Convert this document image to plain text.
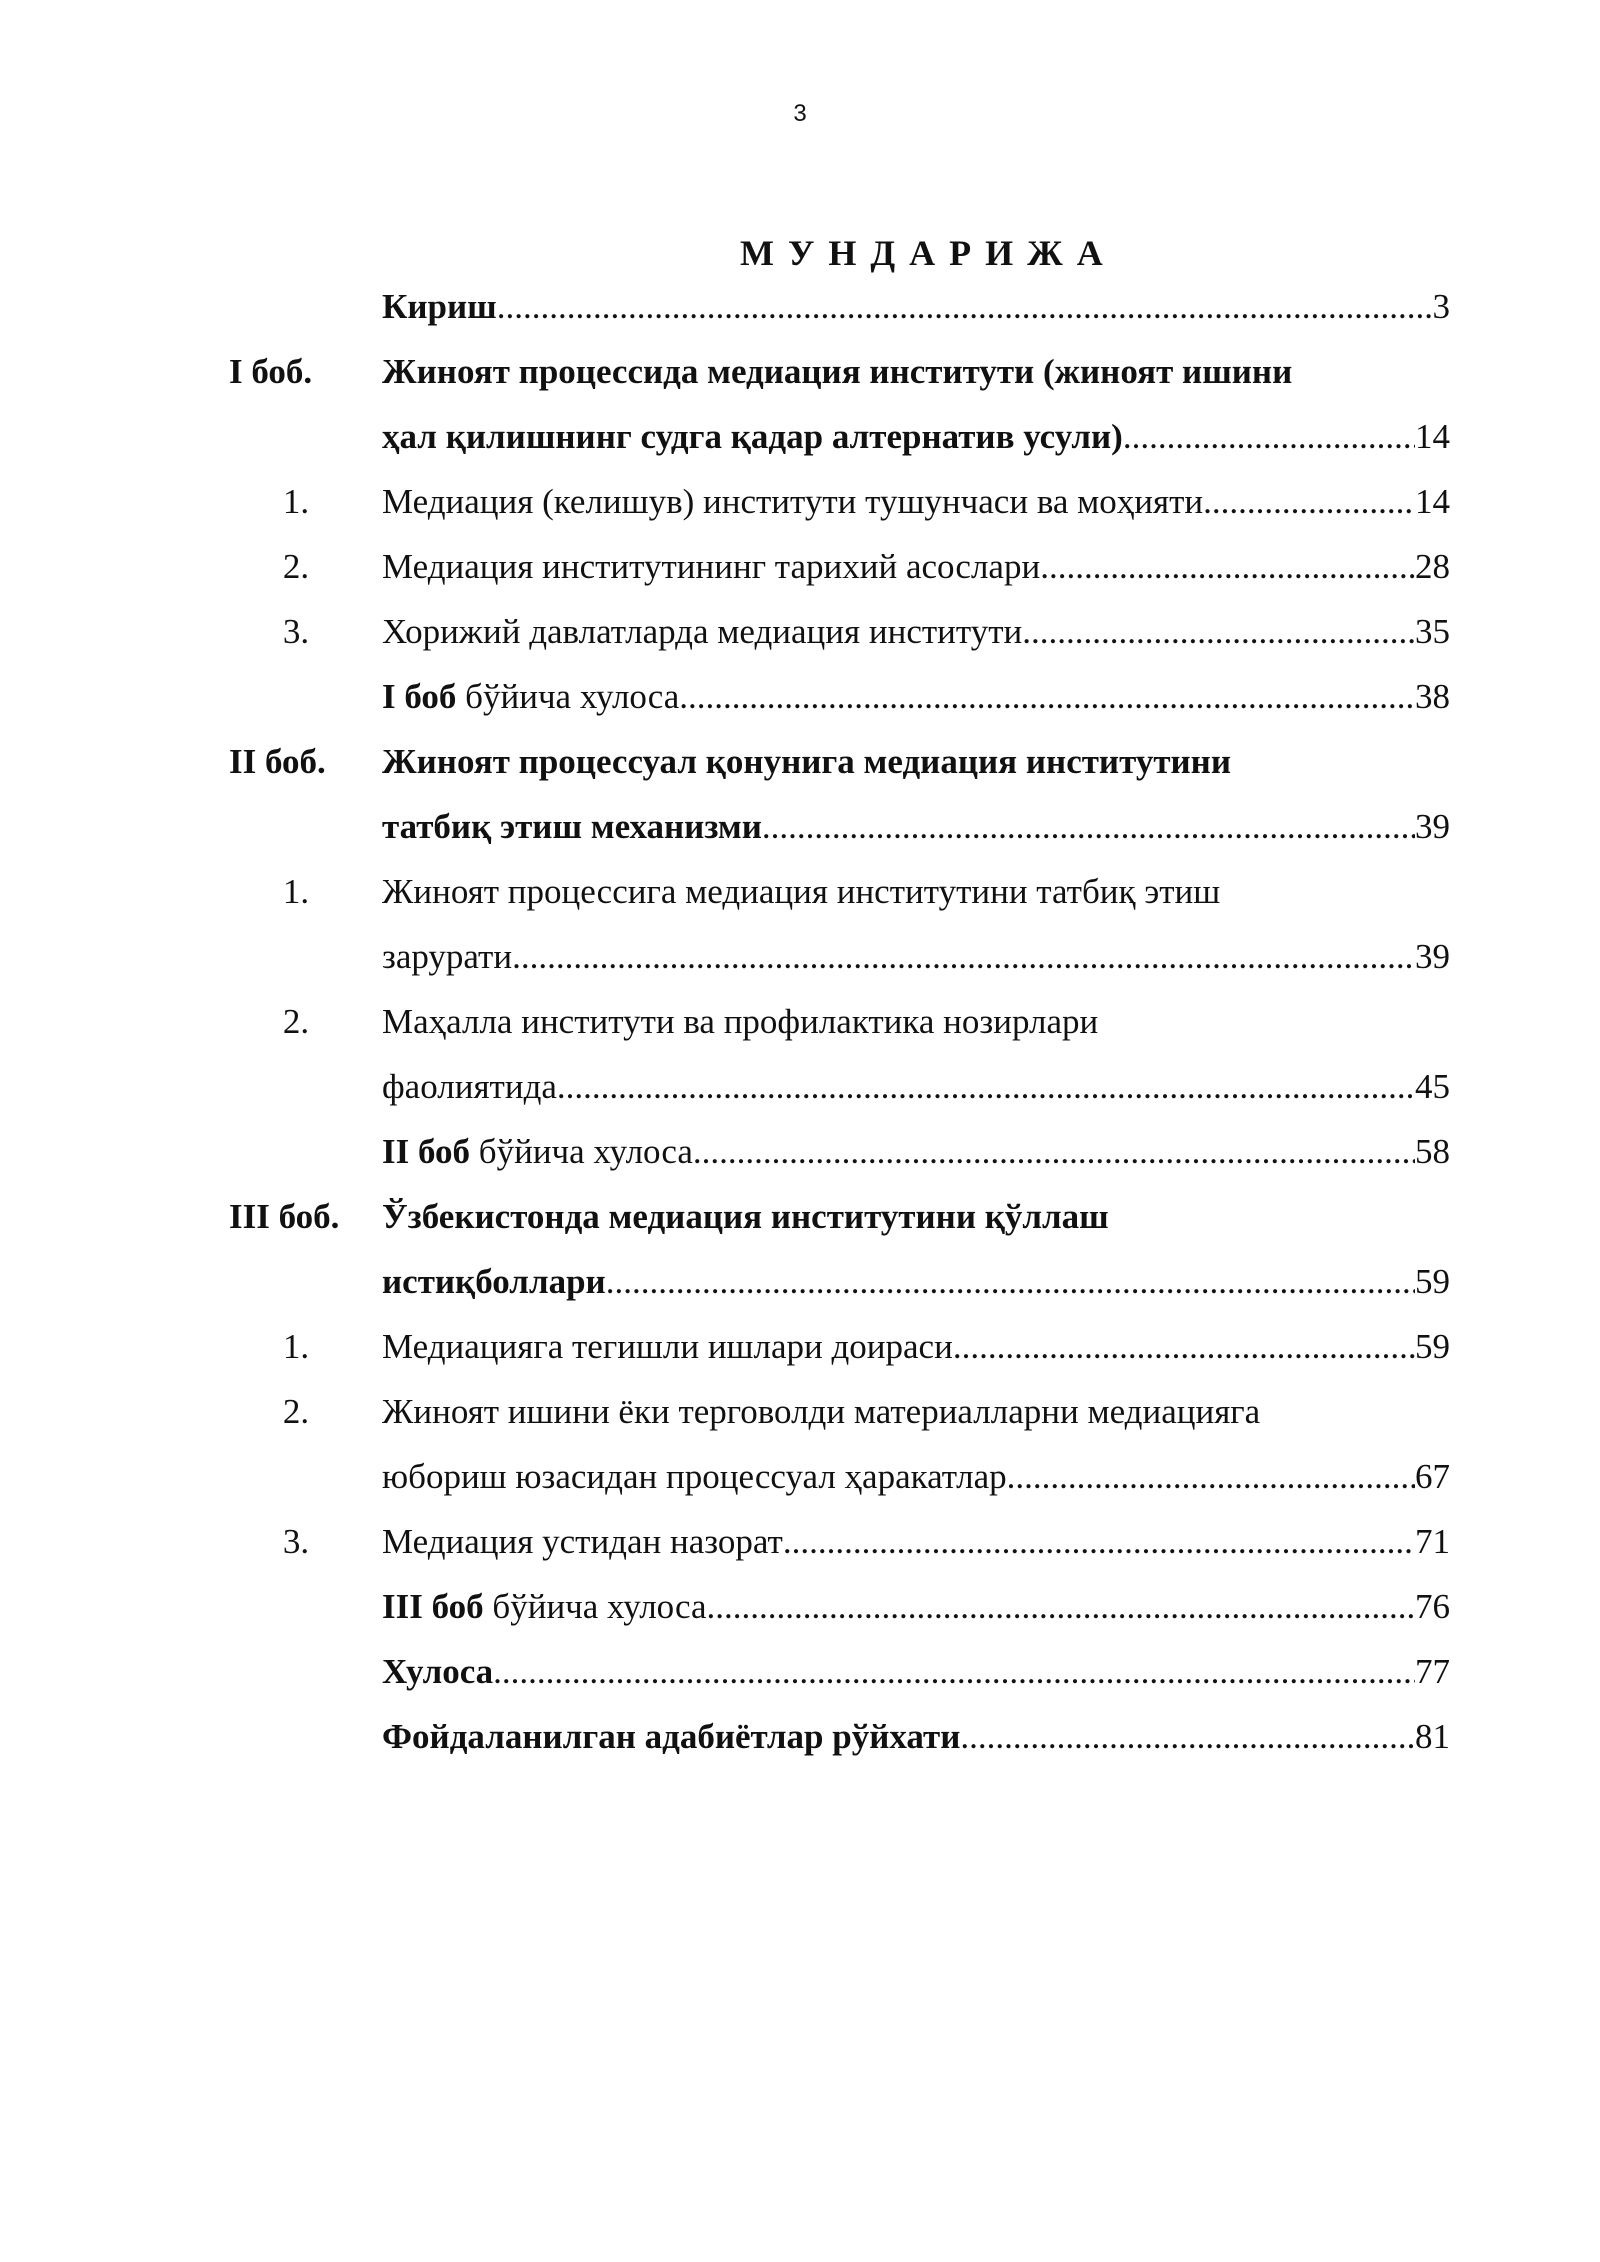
3
МУНДАРИЖА
Кириш .....	3
I боб. Жиноят процессида медиация институти (жиноят ишини
ҳал қилишнинг судга қадар алтернатив усули) .....	14
1.	Медиация (келишув) институти тушунчаси ва моҳияти .....	14
2.	Медиация институтининг тарихий асослари .....	28
3.	Хорижий давлатларда медиация институти .....	35
I боб бўйича хулоса .....	38
II боб. Жиноят процессуал қонунига медиация институтини
татбиқ этиш механизми .....	39
1.	Жиноят процессига медиация институтини татбиқ этиш
зарурати .....	39
2.	Маҳалла институти ва профилактика нозирлари
фаолиятида .....	45
II боб бўйича хулоса .....	58
III боб. Ўзбекистонда медиация институтини қўллаш
истиқболлари .....	59
1.	Медиацияга тегишли ишлари доираси .....	59
2.	Жиноят ишини ёки терговолди материалларни медиацияга
юбориш юзасидан процессуал ҳаракатлар .....	67
3.	Медиация устидан назорат .....	71
III боб бўйича хулоса .....	76
Хулоса .....	77
Фойдаланилган адабиётлар рўйхати .....	81
